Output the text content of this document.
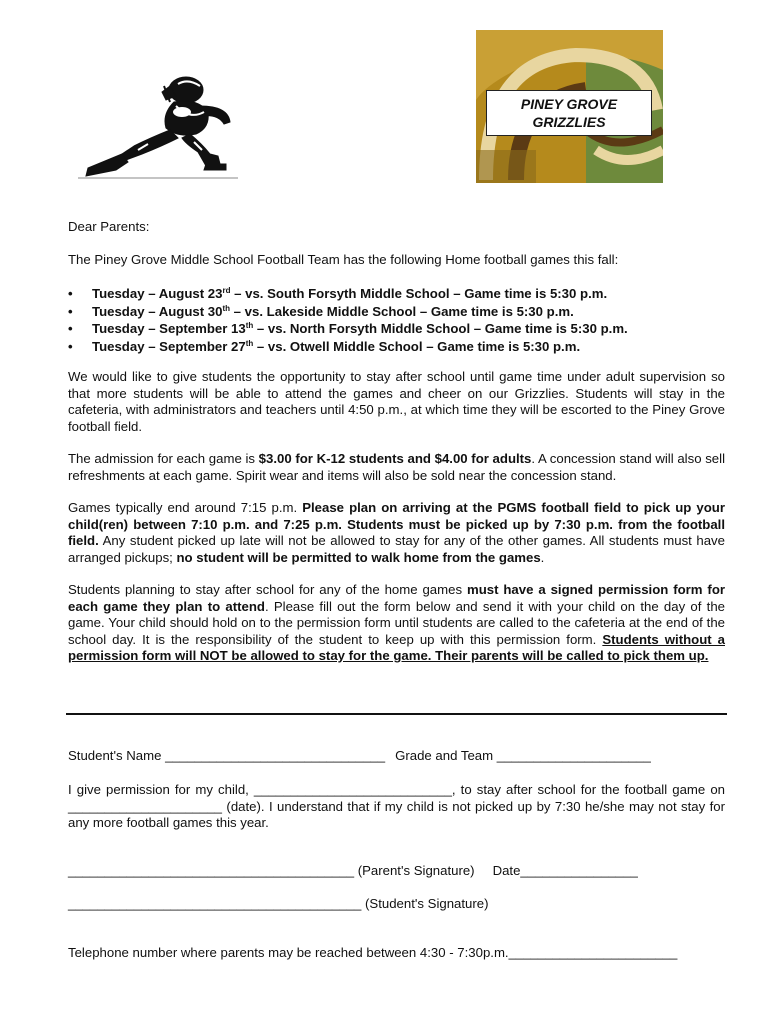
PINEY GROVE
GRIZZLIES
Dear Parents:
The Piney Grove Middle School Football Team has the following Home football games this fall:
• Tuesday – August 23rd – vs. South Forsyth Middle School – Game time is 5:30 p.m.
• Tuesday – August 30th – vs. Lakeside Middle School – Game time is 5:30 p.m.
• Tuesday – September 13th – vs. North Forsyth Middle School – Game time is 5:30 p.m.
• Tuesday – September 27th – vs. Otwell Middle School – Game time is 5:30 p.m.
We would like to give students the opportunity to stay after school until game time under adult supervision so that more students will be able to attend the games and cheer on our Grizzlies. Students will stay in the cafeteria, with administrators and teachers until 4:50 p.m., at which time they will be escorted to the Piney Grove football field.
The admission for each game is $3.00 for K-12 students and $4.00 for adults. A concession stand will also sell refreshments at each game. Spirit wear and items will also be sold near the concession stand.
Games typically end around 7:15 p.m. Please plan on arriving at the PGMS football field to pick up your child(ren) between 7:10 p.m. and 7:25 p.m. Students must be picked up by 7:30 p.m. from the football field. Any student picked up late will not be allowed to stay for any of the other games. All students must have arranged pickups; no student will be permitted to walk home from the games.
Students planning to stay after school for any of the home games must have a signed permission form for each game they plan to attend. Please fill out the form below and send it with your child on the day of the game. Your child should hold on to the permission form until students are called to the cafeteria at the end of the school day. It is the responsibility of the student to keep up with this permission form. Students without a permission form will NOT be allowed to stay for the game. Their parents will be called to pick them up.
Student's Name ______________________________ Grade and Team _____________________
I give permission for my child, ___________________________, to stay after school for the football game on _____________________ (date). I understand that if my child is not picked up by 7:30 he/she may not stay for any more football games this year.
_______________________________________ (Parent's Signature) Date________________
________________________________________ (Student's Signature)
Telephone number where parents may be reached between 4:30 - 7:30p.m._______________________
